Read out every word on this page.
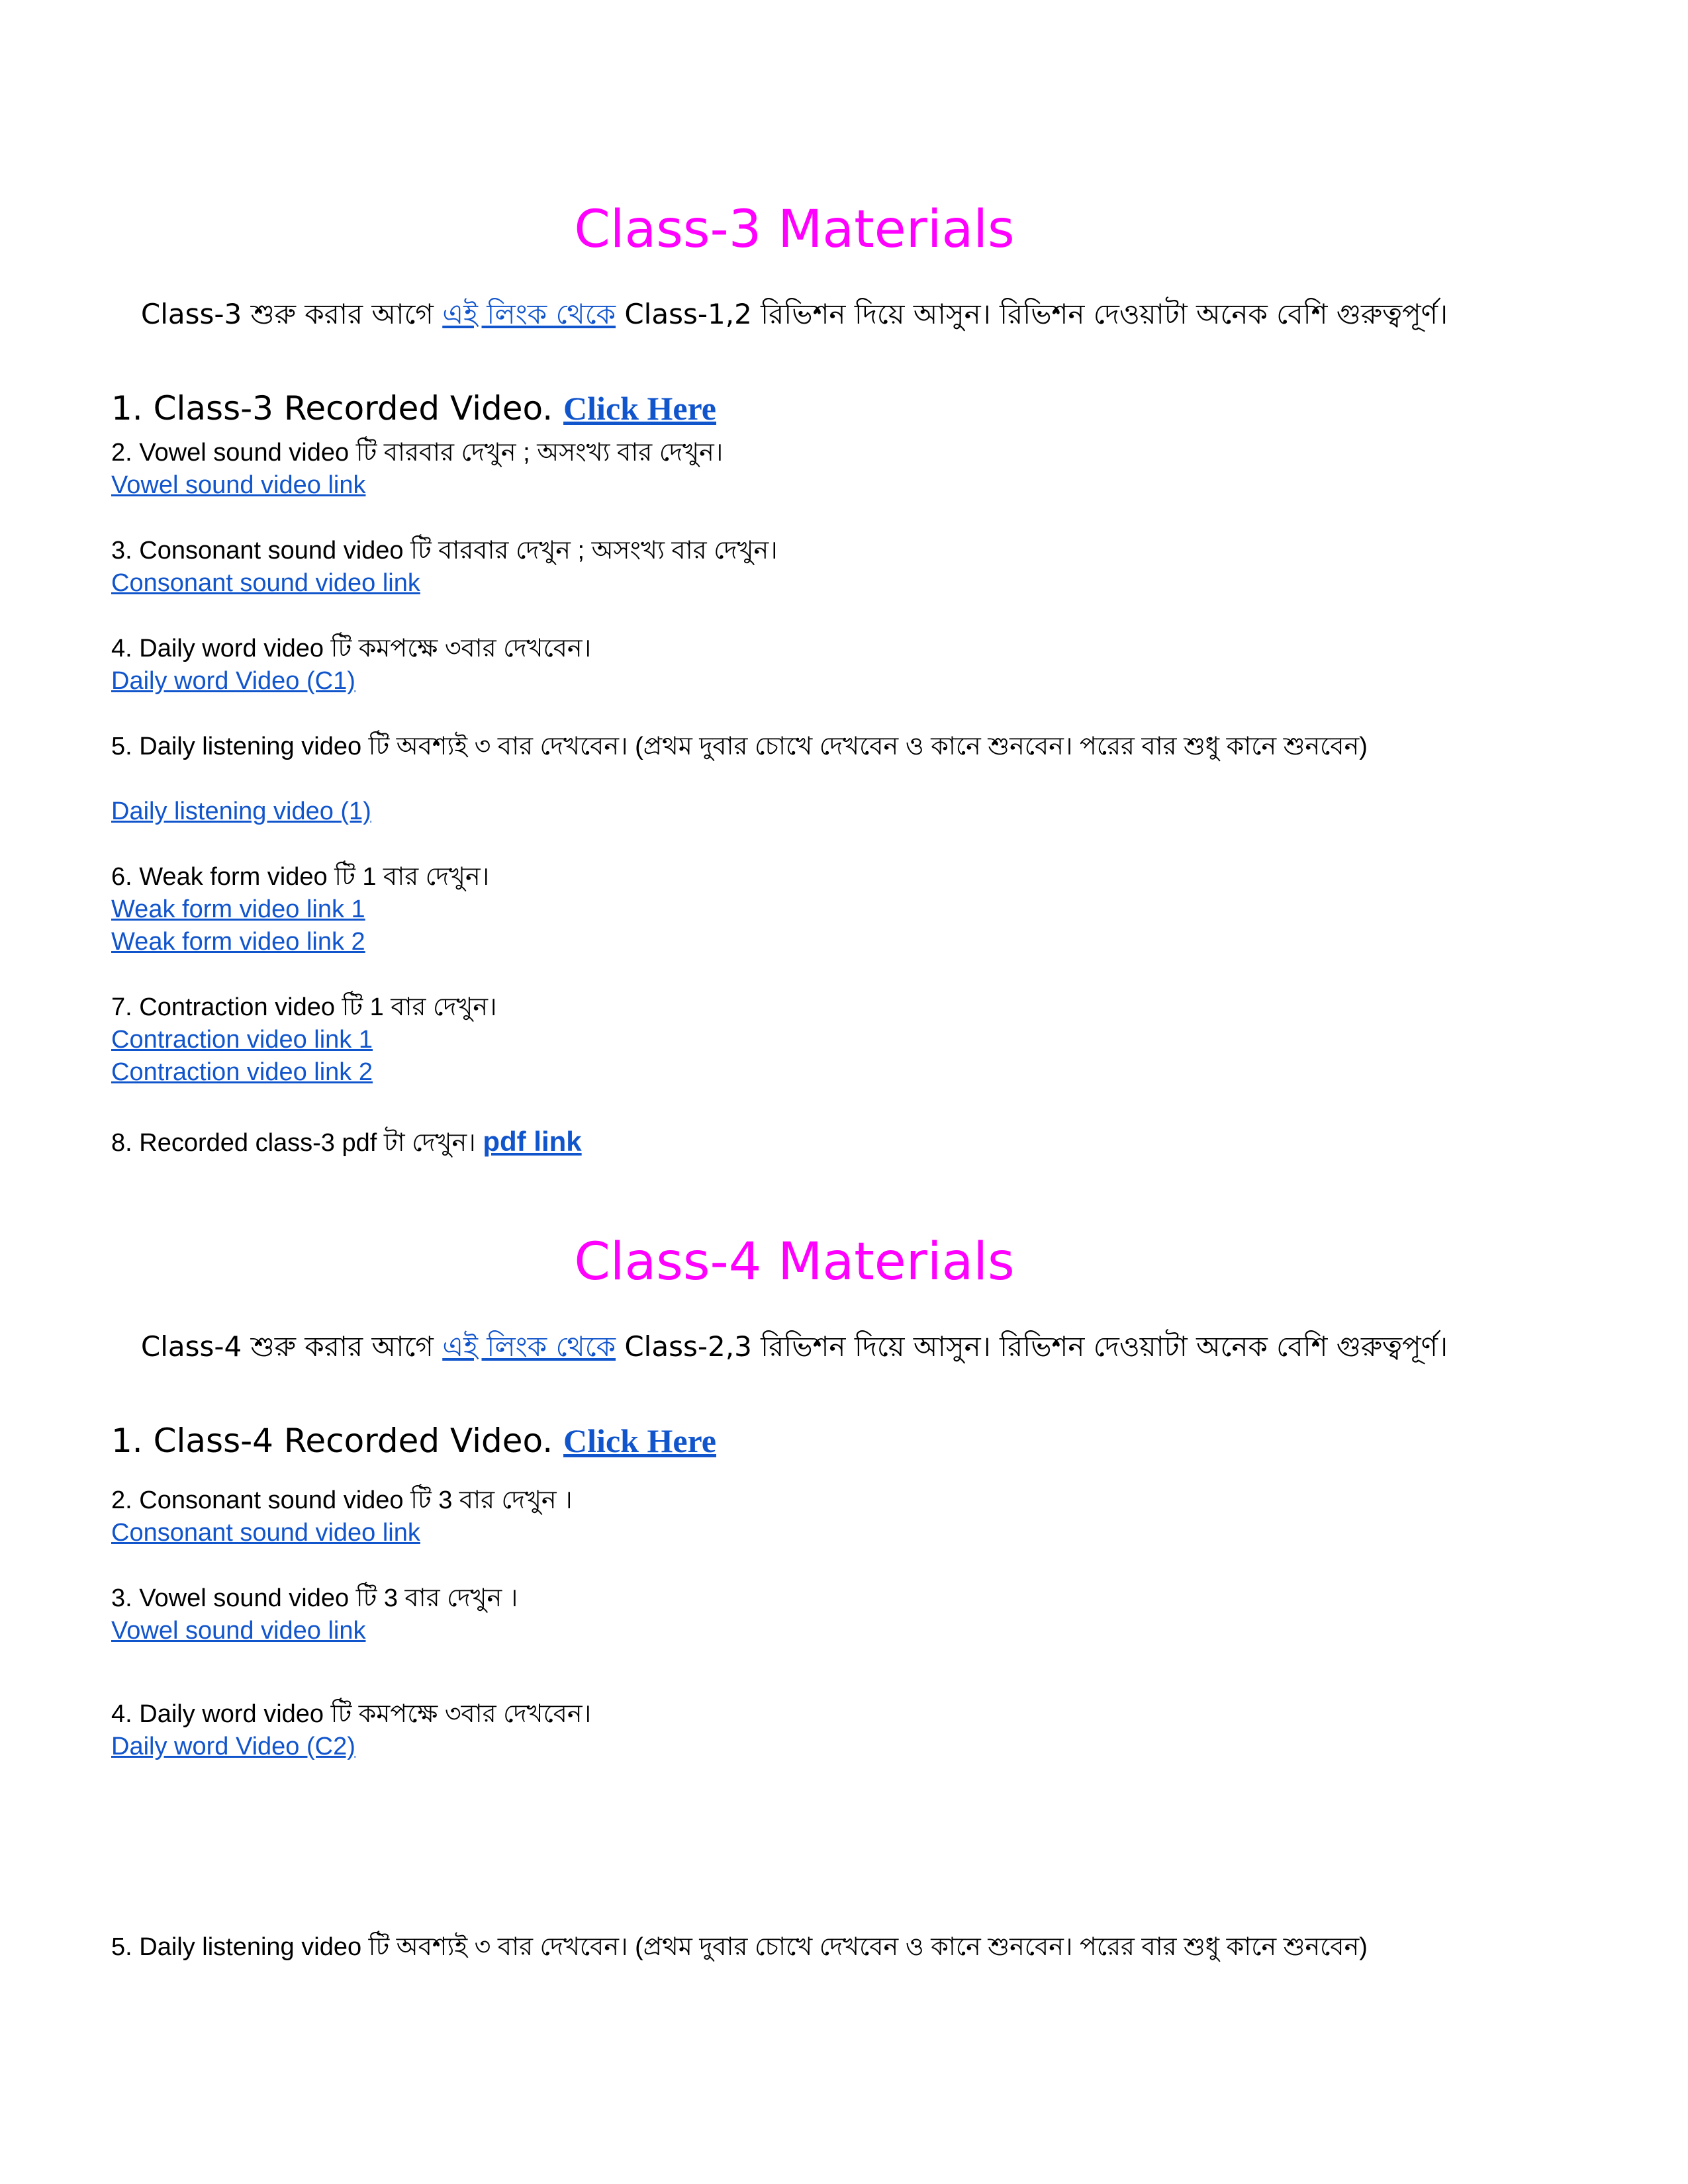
Class-3 Materials
Class-3 শুরু করার আগে এই লিংক থেকে Class-1,2 রিভিশন দিয়ে আসুন। রিভিশন দেওয়াটা অনেক বেশি গুরুত্বপূর্ণ।
1. Class-3 Recorded Video. Click Here
2. Vowel sound video টি বারবার দেখুন ; অসংখ্য বার দেখুন।
Vowel sound video link
3. Consonant sound video টি বারবার দেখুন ; অসংখ্য বার দেখুন।
Consonant sound video link
4. Daily word video টি কমপক্ষে ৩বার দেখবেন।
Daily word Video (C1)
5. Daily listening video টি অবশ্যই ৩ বার দেখবেন। (প্রথম দুবার চোখে দেখবেন ও কানে শুনবেন। পরের বার শুধু কানে শুনবেন)
Daily listening video (1)
6. Weak form video টি 1 বার দেখুন।
Weak form video link 1
Weak form video link 2
7. Contraction video টি 1 বার দেখুন।
Contraction video link 1
Contraction video link 2
8. Recorded class-3 pdf টা দেখুন। pdf link
Class-4 Materials
Class-4 শুরু করার আগে এই লিংক থেকে Class-2,3 রিভিশন দিয়ে আসুন। রিভিশন দেওয়াটা অনেক বেশি গুরুত্বপূর্ণ।
1. Class-4 Recorded Video. Click Here
2. Consonant sound video টি 3 বার দেখুন ।
Consonant sound video link
3. Vowel sound video টি 3 বার দেখুন ।
Vowel sound video link
4. Daily word video টি কমপক্ষে ৩বার দেখবেন।
Daily word Video (C2)
5. Daily listening video টি অবশ্যই ৩ বার দেখবেন। (প্রথম দুবার চোখে দেখবেন ও কানে শুনবেন। পরের বার শুধু কানে শুনবেন)
